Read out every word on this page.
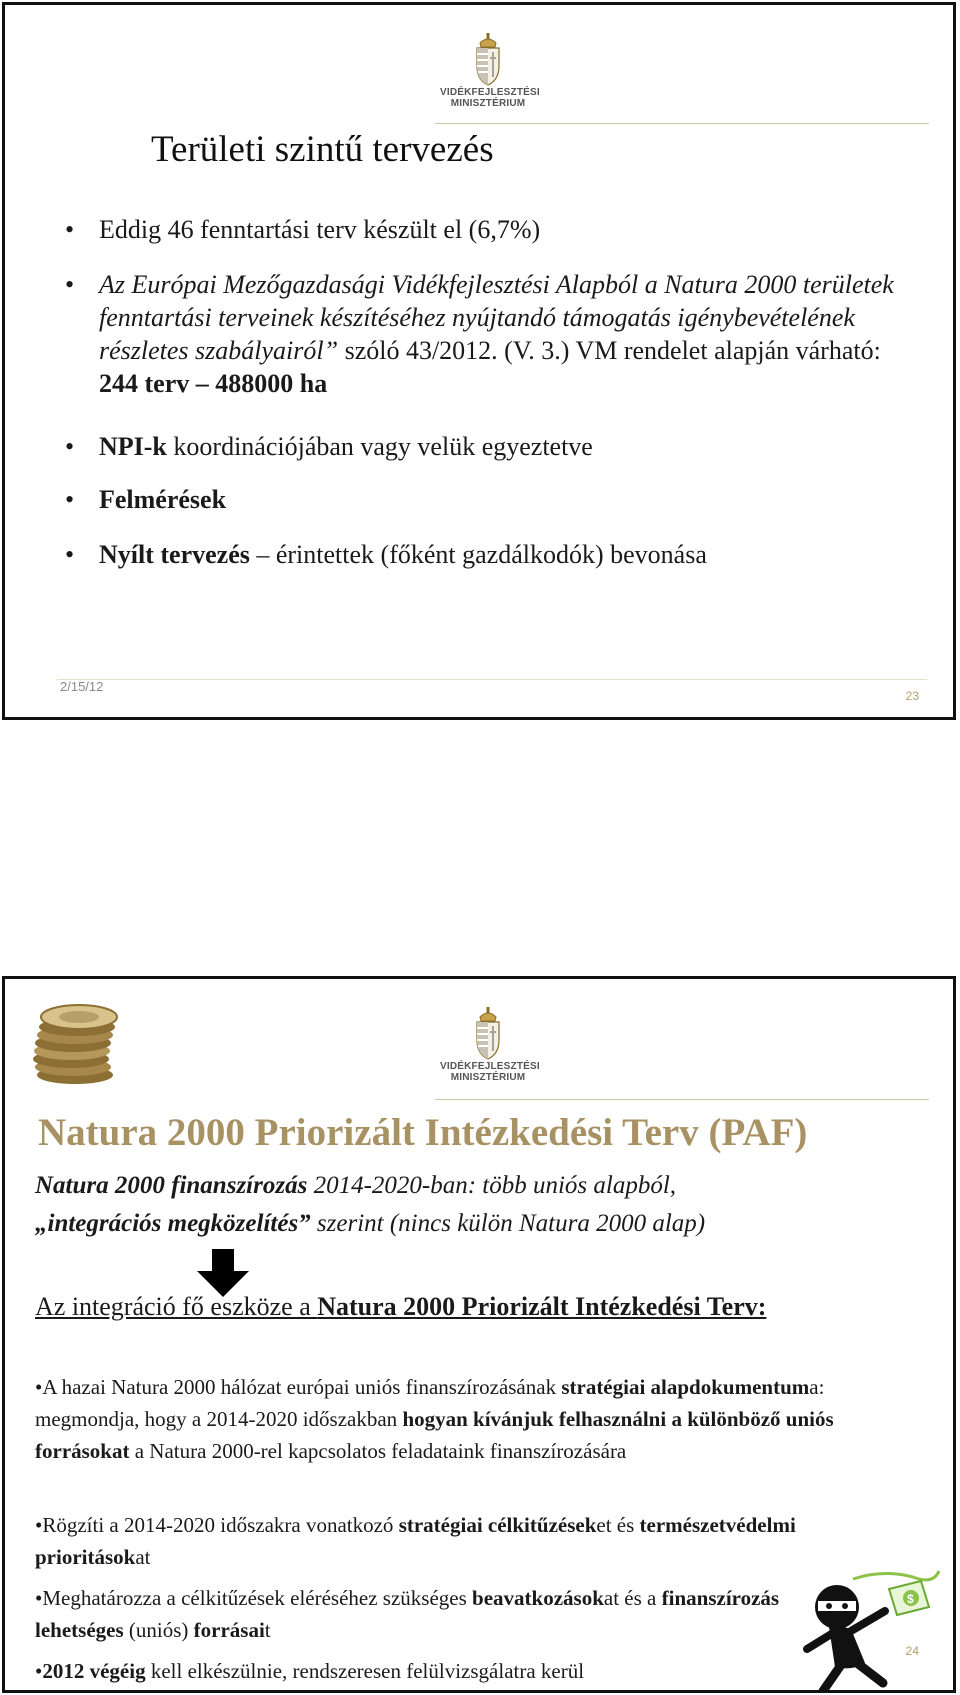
VIDÉKFEJLESZTÉSI
MINISZTÉRIUM
Területi szintű tervezés
• Eddig 46 fenntartási terv készült el (6,7%)
• Az Európai Mezőgazdasági Vidékfejlesztési Alapból a Natura 2000 területek fenntartási terveinek készítéséhez nyújtandó támogatás igénybevételének részletes szabályairól” szóló 43/2012. (V. 3.) VM rendelet alapján várható: 244 terv – 488000 ha
• NPI-k koordinációjában vagy velük egyeztetve
• Felmérések
• Nyílt tervezés – érintettek (főként gazdálkodók) bevonása
2/15/12
23
VIDÉKFEJLESZTÉSI
MINISZTÉRIUM
Natura 2000 Priorizált Intézkedési Terv (PAF)
Natura 2000 finanszírozás 2014-2020-ban: több uniós alapból,
„integrációs megközelítés” szerint (nincs külön Natura 2000 alap)
Az integráció fő eszköze a Natura 2000 Priorizált Intézkedési Terv:
•A hazai Natura 2000 hálózat európai uniós finanszírozásának stratégiai alapdokumentuma: megmondja, hogy a 2014-2020 időszakban hogyan kívánjuk felhasználni a különböző uniós forrásokat a Natura 2000-rel kapcsolatos feladataink finanszírozására
•Rögzíti a 2014-2020 időszakra vonatkozó stratégiai célkitűzéseket és természetvédelmi prioritásokat
•Meghatározza a célkitűzések eléréséhez szükséges beavatkozásokat és a finanszírozás lehetséges (uniós) forrásait
•2012 végéig kell elkészülnie, rendszeresen felülvizsgálatra kerül
$
24
